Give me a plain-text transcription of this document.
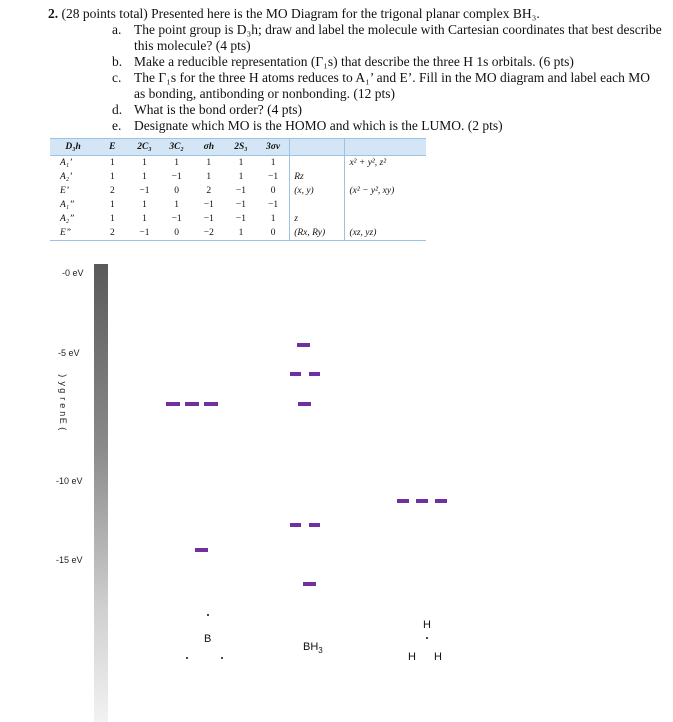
2. (28 points total) Presented here is the MO Diagram for the trigonal planar complex BH₃.
a. The point group is D₃h; draw and label the molecule with Cartesian coordinates that best describe this molecule? (4 pts)
b. Make a reducible representation (Γ₁s) that describe the three H 1s orbitals. (6 pts)
c. The Γ₁s for the three H atoms reduces to A₁’ and E’. Fill in the MO diagram and label each MO as bonding, antibonding or nonbonding. (12 pts)
d. What is the bond order? (4 pts)
e. Designate which MO is the HOMO and which is the LUMO. (2 pts)
D₃h	E	2C₃	3C₂	σh	2S₃	3σv		
A₁’	1	1	1	1	1	1		x² + y², z²
A₂’	1	1	−1	1	1	−1	Rz	
E’	2	−1	0	2	−1	0	(x, y)	(x² − y², xy)
A₁”	1	1	1	−1	−1	−1		
A₂”	1	1	−1	−1	−1	1	z	
E”	2	−1	0	−2	1	0	(Rx, Ry)	(xz, yz)
-0 eV
-5 eV
-10 eV
-15 eV
B
$BH_3$
H
H H
)
y
g
r
e
n
E
(
